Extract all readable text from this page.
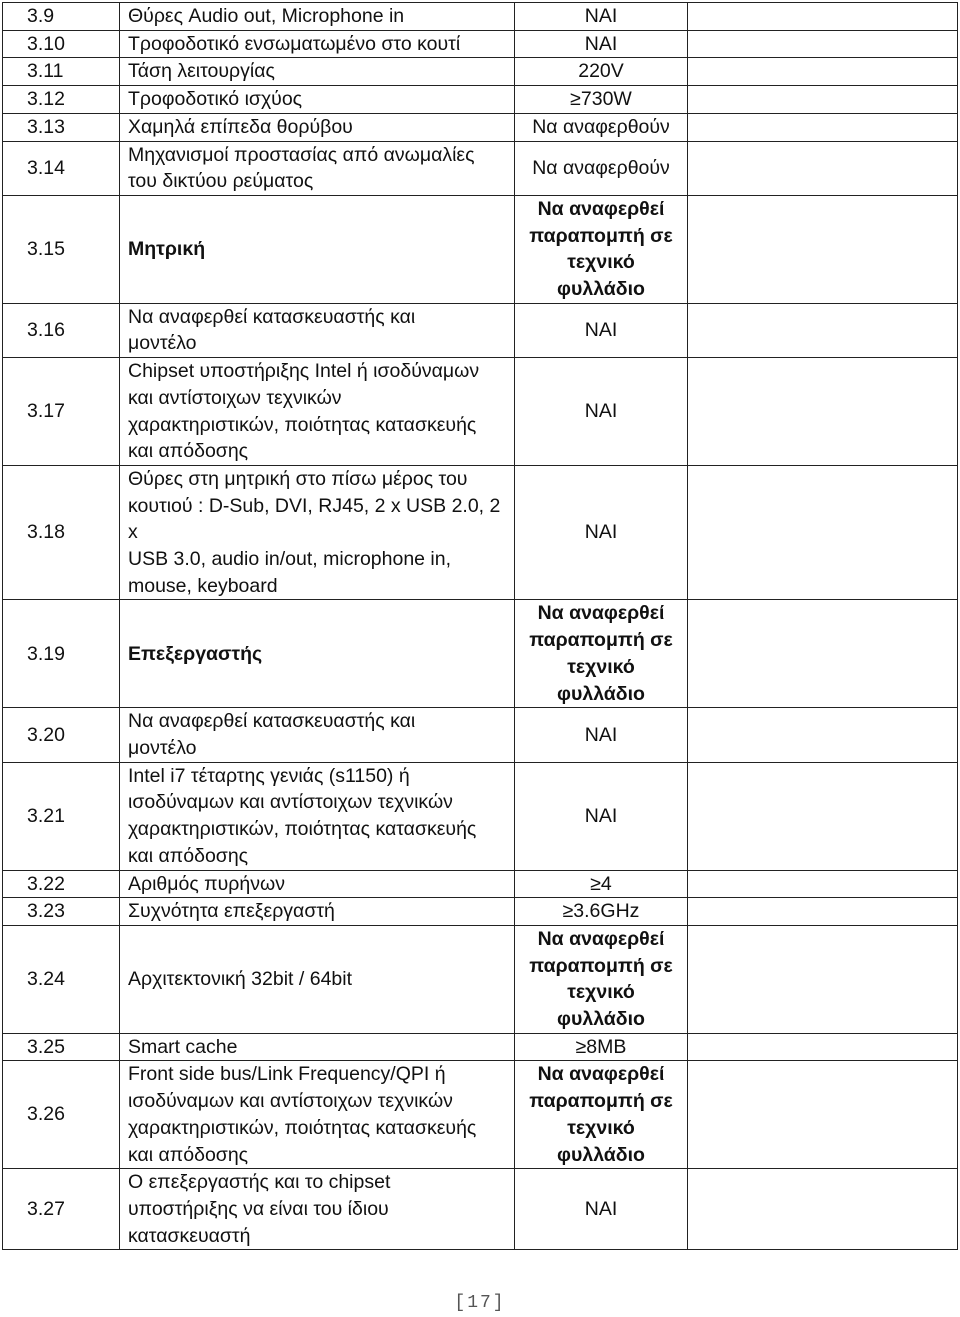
3.9	Θύρες Audio out, Microphone in	ΝΑΙ	

3.10	Τροφοδοτικό ενσωματωμένο στο κουτί	ΝΑΙ	

3.11	Τάση λειτουργίας	220V	

3.12	Τροφοδοτικό ισχύος	≥730W	

3.13	Χαμηλά επίπεδα θορύβου	Να αναφερθούν	

3.14	Μηχανισμοί προστασίας από ανωμαλίες
του δικτύου ρεύματος	Να αναφερθούν	

3.15	Μητρική	Να αναφερθεί
παραπομπή σε
τεχνικό
φυλλάδιο	

3.16	Να αναφερθεί κατασκευαστής και
μοντέλο	ΝΑΙ	

3.17	Chipset υποστήριξης Intel ή ισοδύναμων
και αντίστοιχων τεχνικών
χαρακτηριστικών, ποιότητας κατασκευής
και απόδοσης	ΝΑΙ	

3.18	Θύρες στη μητρική στο πίσω μέρος του
κουτιού : D-Sub, DVI, RJ45, 2 x USB 2.0, 2 x
USB 3.0, audio in/out, microphone in,
mouse, keyboard	ΝΑΙ	

3.19	Επεξεργαστής	Να αναφερθεί
παραπομπή σε
τεχνικό
φυλλάδιο	

3.20	Να αναφερθεί κατασκευαστής και
μοντέλο	ΝΑΙ	

3.21	Intel i7 τέταρτης γενιάς (s1150) ή
ισοδύναμων και αντίστοιχων τεχνικών
χαρακτηριστικών, ποιότητας κατασκευής
και απόδοσης	ΝΑΙ	

3.22	Αριθμός πυρήνων	≥4	

3.23	Συχνότητα επεξεργαστή	≥3.6GHz	

3.24	Αρχιτεκτονική 32bit / 64bit	Να αναφερθεί
παραπομπή σε
τεχνικό
φυλλάδιο	

3.25	Smart cache	≥8MB	

3.26	Front side bus/Link Frequency/QPI ή
ισοδύναμων και αντίστοιχων τεχνικών
χαρακτηριστικών, ποιότητας κατασκευής
και απόδοσης	Να αναφερθεί
παραπομπή σε
τεχνικό
φυλλάδιο	

3.27	Ο επεξεργαστής και το chipset
υποστήριξης να είναι του ίδιου
κατασκευαστή	ΝΑΙ	

[17]
